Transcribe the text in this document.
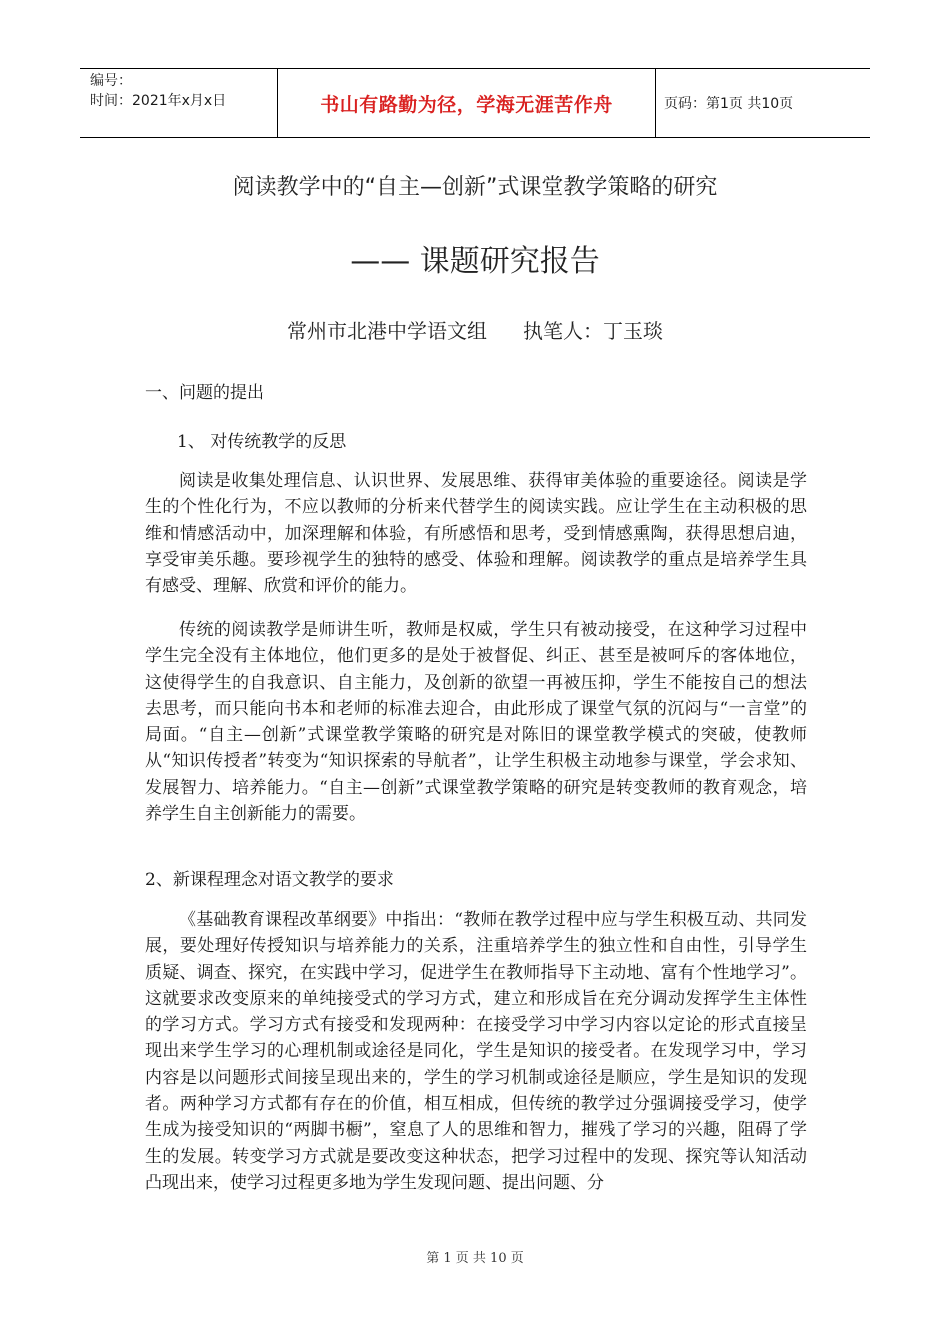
编号：
时间：2021年x月x日	书山有路勤为径，学海无涯苦作舟	页码：第1页 共10页
阅读教学中的“自主—创新”式课堂教学策略的研究
—— 课题研究报告
常州市北港中学语文组 执笔人：丁玉琰
一、问题的提出
1、 对传统教学的反思

阅读是收集处理信息、认识世界、发展思维、获得审美体验的重要途径。阅读是学生的个性化行为，不应以教师的分析来代替学生的阅读实践。应让学生在主动积极的思维和情感活动中，加深理解和体验，有所感悟和思考，受到情感熏陶，获得思想启迪，享受审美乐趣。要珍视学生的独特的感受、体验和理解。阅读教学的重点是培养学生具有感受、理解、欣赏和评价的能力。

传统的阅读教学是师讲生听，教师是权威，学生只有被动接受，在这种学习过程中学生完全没有主体地位，他们更多的是处于被督促、纠正、甚至是被呵斥的客体地位，这使得学生的自我意识、自主能力，及创新的欲望一再被压抑，学生不能按自己的想法去思考，而只能向书本和老师的标准去迎合，由此形成了课堂气氛的沉闷与“一言堂”的局面。“自主—创新”式课堂教学策略的研究是对陈旧的课堂教学模式的突破，使教师从“知识传授者”转变为“知识探索的导航者”，让学生积极主动地参与课堂，学会求知、发展智力、培养能力。“自主—创新”式课堂教学策略的研究是转变教师的教育观念，培养学生自主创新能力的需要。

2、新课程理念对语文教学的要求

《基础教育课程改革纲要》中指出：“教师在教学过程中应与学生积极互动、共同发展，要处理好传授知识与培养能力的关系，注重培养学生的独立性和自由性，引导学生质疑、调查、探究，在实践中学习，促进学生在教师指导下主动地、富有个性地学习”。这就要求改变原来的单纯接受式的学习方式，建立和形成旨在充分调动发挥学生主体性的学习方式。学习方式有接受和发现两种：在接受学习中学习内容以定论的形式直接呈现出来学生学习的心理机制或途径是同化，学生是知识的接受者。在发现学习中，学习内容是以问题形式间接呈现出来的，学生的学习机制或途径是顺应，学生是知识的发现者。两种学习方式都有存在的价值，相互相成，但传统的教学过分强调接受学习，使学生成为接受知识的“两脚书橱”，窒息了人的思维和智力，摧残了学习的兴趣，阻碍了学生的发展。转变学习方式就是要改变这种状态，把学习过程中的发现、探究等认知活动凸现出来，使学习过程更多地为学生发现问题、提出问题、分

第 1 页 共 10 页
